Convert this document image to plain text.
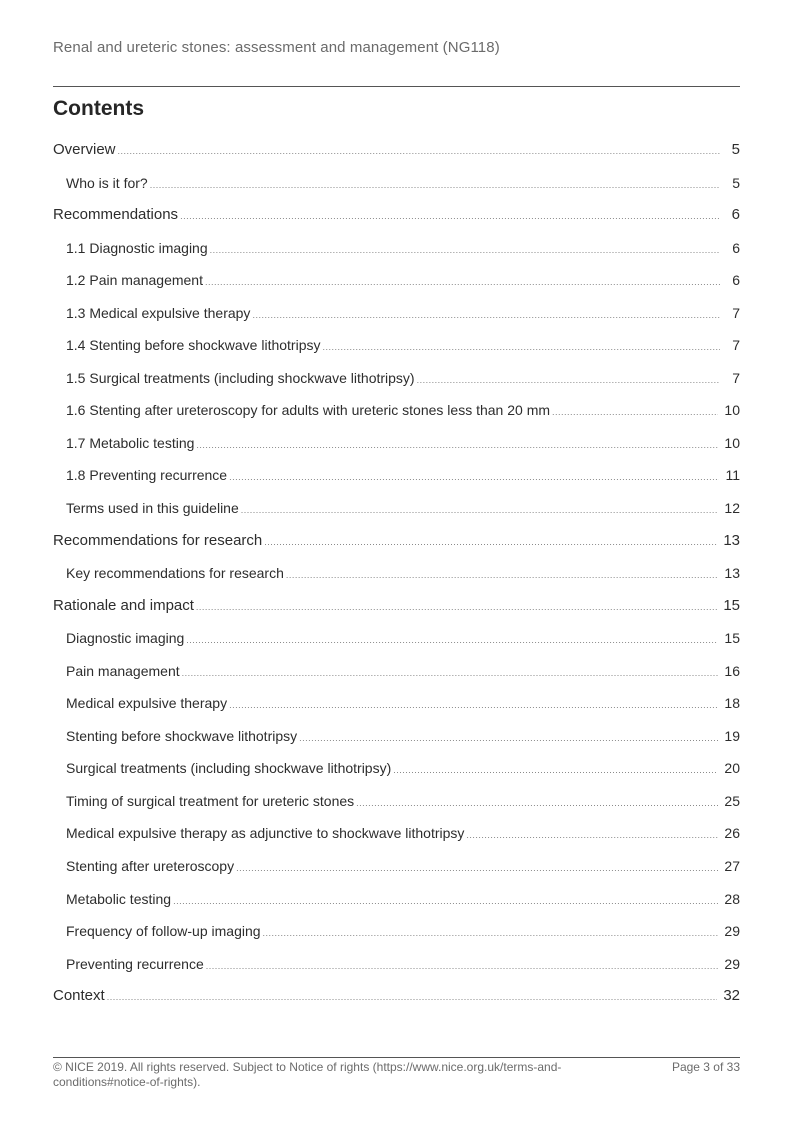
Renal and ureteric stones: assessment and management (NG118)
Contents
Overview .....	5
Who is it for? .....	5
Recommendations .....	6
1.1 Diagnostic imaging .....	6
1.2 Pain management .....	6
1.3 Medical expulsive therapy .....	7
1.4 Stenting before shockwave lithotripsy .....	7
1.5 Surgical treatments (including shockwave lithotripsy) .....	7
1.6 Stenting after ureteroscopy for adults with ureteric stones less than 20 mm .....	10
1.7 Metabolic testing .....	10
1.8 Preventing recurrence .....	11
Terms used in this guideline .....	12
Recommendations for research .....	13
Key recommendations for research .....	13
Rationale and impact .....	15
Diagnostic imaging .....	15
Pain management .....	16
Medical expulsive therapy .....	18
Stenting before shockwave lithotripsy .....	19
Surgical treatments (including shockwave lithotripsy) .....	20
Timing of surgical treatment for ureteric stones .....	25
Medical expulsive therapy as adjunctive to shockwave lithotripsy .....	26
Stenting after ureteroscopy .....	27
Metabolic testing .....	28
Frequency of follow-up imaging .....	29
Preventing recurrence .....	29
Context .....	32
© NICE 2019. All rights reserved. Subject to Notice of rights (https://www.nice.org.uk/terms-and-conditions#notice-of-rights).
Page 3 of 33
